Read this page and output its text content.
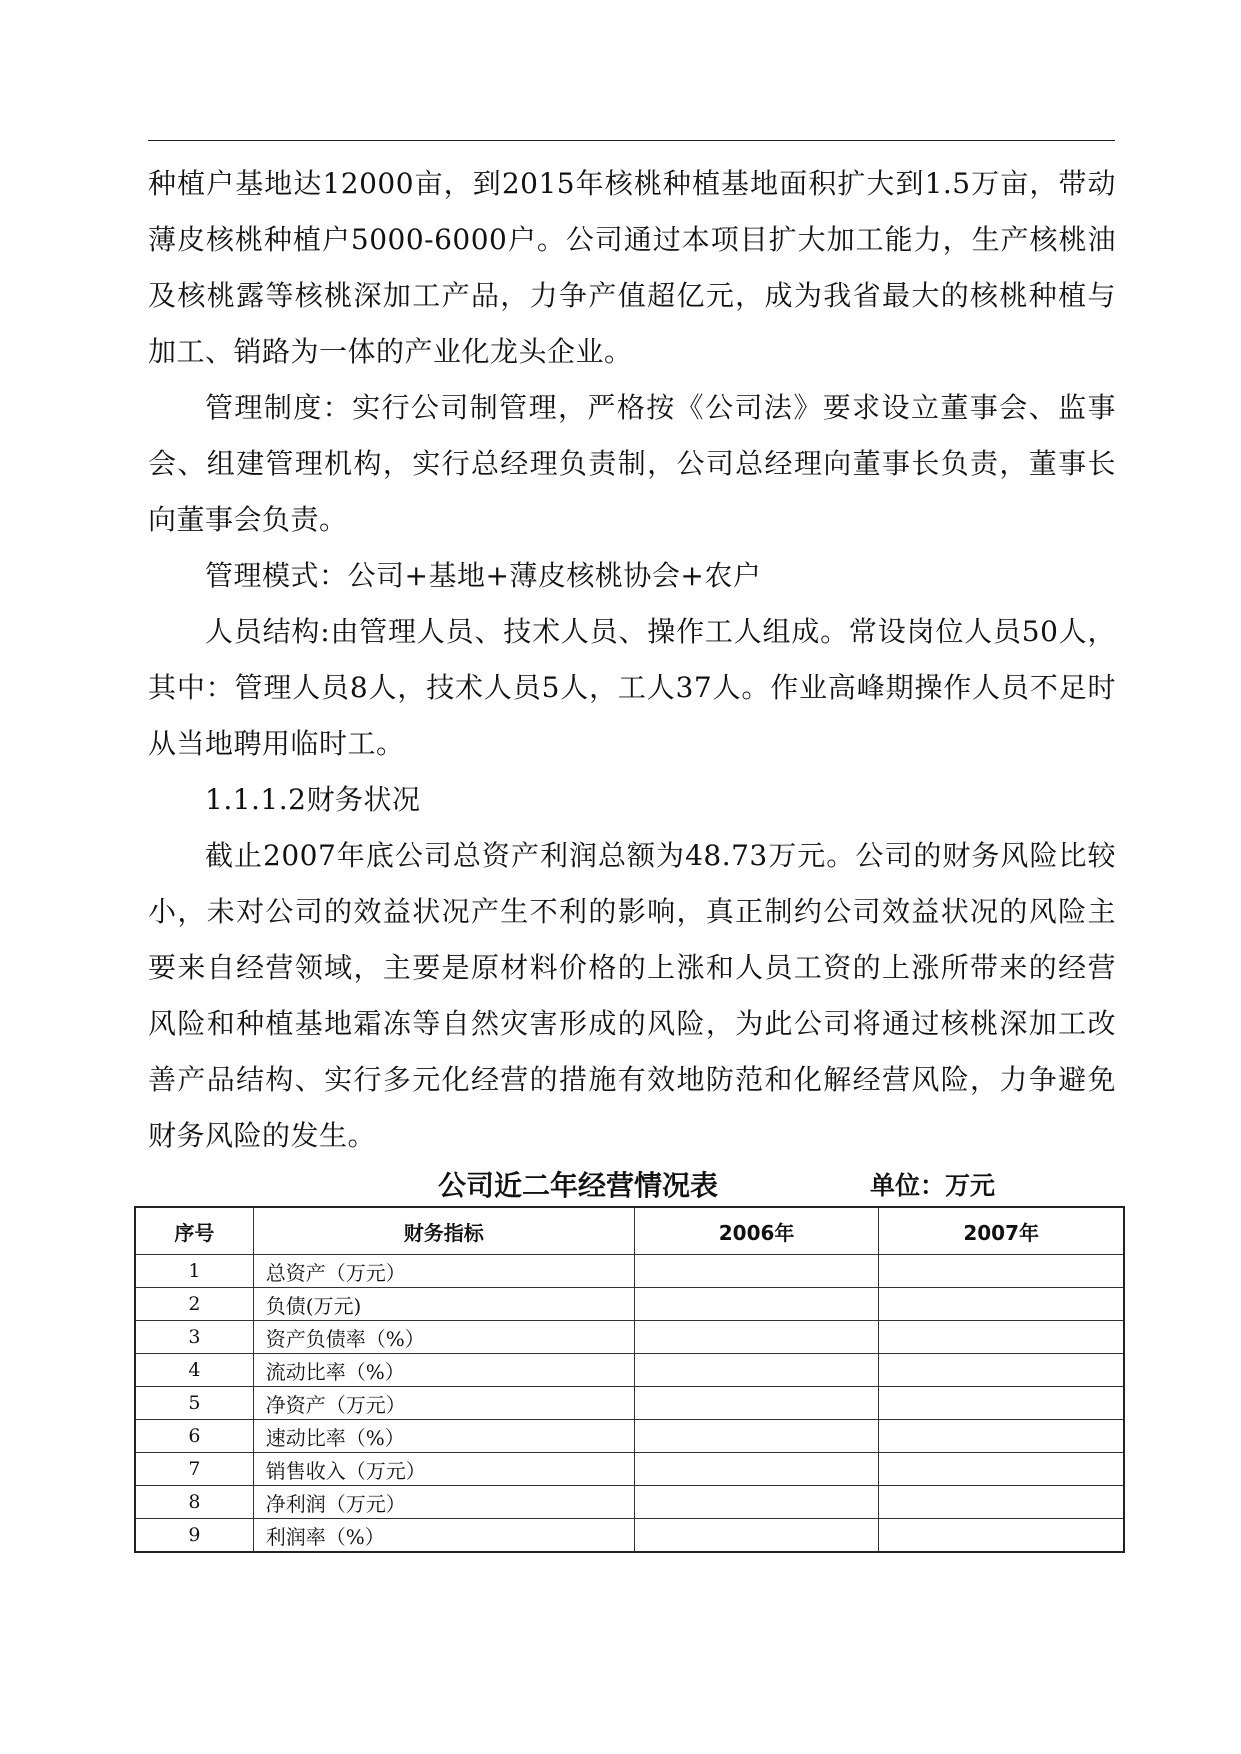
种植户基地达12000亩，到2015年核桃种植基地面积扩大到1.5万亩，带动薄皮核桃种植户5000-6000户。公司通过本项目扩大加工能力，生产核桃油及核桃露等核桃深加工产品，力争产值超亿元，成为我省最大的核桃种植与加工、销路为一体的产业化龙头企业。

管理制度：实行公司制管理，严格按《公司法》要求设立董事会、监事会、组建管理机构，实行总经理负责制，公司总经理向董事长负责，董事长向董事会负责。

管理模式：公司+基地+薄皮核桃协会+农户

人员结构:由管理人员、技术人员、操作工人组成。常设岗位人员50人，其中：管理人员8人，技术人员5人，工人37人。作业高峰期操作人员不足时从当地聘用临时工。

1.1.1.2财务状况

截止2007年底公司总资产利润总额为48.73万元。公司的财务风险比较小，未对公司的效益状况产生不利的影响，真正制约公司效益状况的风险主要来自经营领域，主要是原材料价格的上涨和人员工资的上涨所带来的经营风险和种植基地霜冻等自然灾害形成的风险，为此公司将通过核桃深加工改善产品结构、实行多元化经营的措施有效地防范和化解经营风险，力争避免财务风险的发生。

公司近二年经营情况表	单位：万元
序号	财务指标	2006年	2007年
1	总资产（万元）		
2	负债(万元)		
3	资产负债率（%）		
4	流动比率（%）		
5	净资产（万元）		
6	速动比率（%）		
7	销售收入（万元）		
8	净利润（万元）		
9	利润率（%）		
